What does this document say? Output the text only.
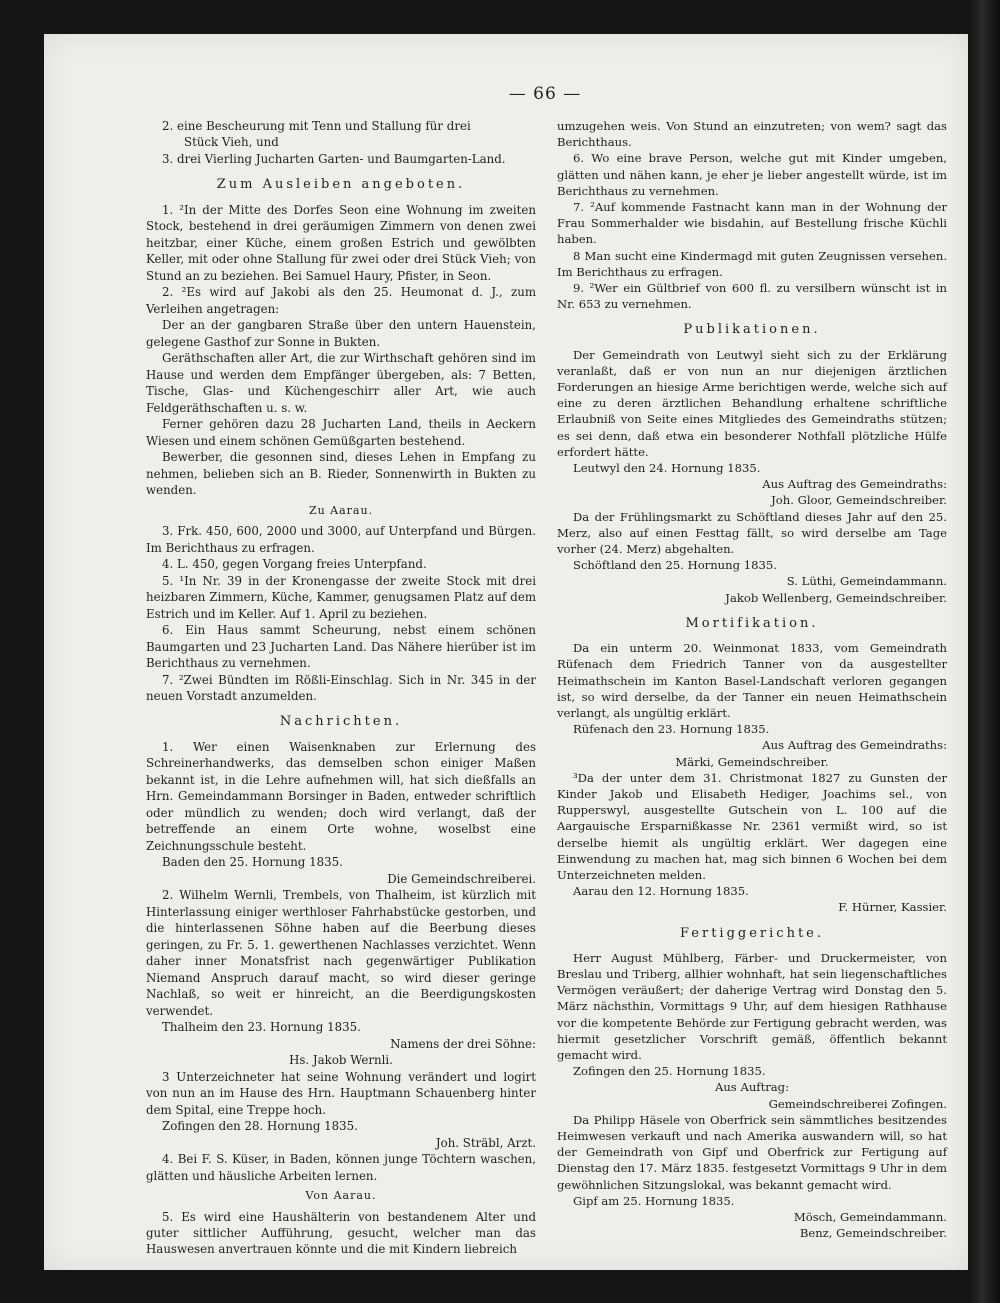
— 66 —

2. eine Bescheurung mit Tenn und Stallung für drei
Stück Vieh, und

3. drei Vierling Jucharten Garten- und Baumgarten-Land.

Zum Ausleiben angeboten.

1. ²In der Mitte des Dorfes Seon eine Wohnung im zweiten Stock, bestehend in drei geräumigen Zimmern von denen zwei heitzbar, einer Küche, einem großen Estrich und gewölbten Keller, mit oder ohne Stallung für zwei oder drei Stück Vieh; von Stund an zu beziehen. Bei Samuel Haury, Pfister, in Seon.

2. ²Es wird auf Jakobi als den 25. Heumonat d. J., zum Verleihen angetragen:

Der an der gangbaren Straße über den untern Hauenstein, gelegene Gasthof zur Sonne in Bukten.

Geräthschaften aller Art, die zur Wirthschaft gehören sind im Hause und werden dem Empfänger übergeben, als: 7 Betten, Tische, Glas- und Küchengeschirr aller Art, wie auch Feldgeräthschaften u. s. w.

Ferner gehören dazu 28 Jucharten Land, theils in Aeckern Wiesen und einem schönen Gemüßgarten bestehend.

Bewerber, die gesonnen sind, dieses Lehen in Empfang zu nehmen, belieben sich an B. Rieder, Sonnenwirth in Bukten zu wenden.

Zu Aarau.

3. Frk. 450, 600, 2000 und 3000, auf Unterpfand und Bürgen. Im Berichthaus zu erfragen.

4. L. 450, gegen Vorgang freies Unterpfand.

5. ¹In Nr. 39 in der Kronengasse der zweite Stock mit drei heizbaren Zimmern, Küche, Kammer, genugsamen Platz auf dem Estrich und im Keller. Auf 1. April zu beziehen.

6. Ein Haus sammt Scheurung, nebst einem schönen Baumgarten und 23 Jucharten Land. Das Nähere hierüber ist im Berichthaus zu vernehmen.

7. ²Zwei Bündten im Rößli-Einschlag. Sich in Nr. 345 in der neuen Vorstadt anzumelden.

Nachrichten.

1. Wer einen Waisenknaben zur Erlernung des Schreinerhandwerks, das demselben schon einiger Maßen bekannt ist, in die Lehre aufnehmen will, hat sich dießfalls an Hrn. Gemeindammann Borsinger in Baden, entweder schriftlich oder mündlich zu wenden; doch wird verlangt, daß der betreffende an einem Orte wohne, woselbst eine Zeichnungsschule besteht.

Baden den 25. Hornung 1835.

Die Gemeindschreiberei.

2. Wilhelm Wernli, Trembels, von Thalheim, ist kürzlich mit Hinterlassung einiger werthloser Fahrhabstücke gestorben, und die hinterlassenen Söhne haben auf die Beerbung dieses geringen, zu Fr. 5. 1. gewerthenen Nachlasses verzichtet. Wenn daher inner Monatsfrist nach gegenwärtiger Publikation Niemand Anspruch darauf macht, so wird dieser geringe Nachlaß, so weit er hinreicht, an die Beerdigungskosten verwendet.

Thalheim den 23. Hornung 1835.

Namens der drei Söhne:

Hs. Jakob Wernli.

3 Unterzeichneter hat seine Wohnung verändert und logirt von nun an im Hause des Hrn. Hauptmann Schauenberg hinter dem Spital, eine Treppe hoch.

Zofingen den 28. Hornung 1835.

Joh. Sträbl, Arzt.

4. Bei F. S. Küser, in Baden, können junge Töchtern waschen, glätten und häusliche Arbeiten lernen.

Von Aarau.

5. Es wird eine Haushälterin von bestandenem Alter und guter sittlicher Aufführung, gesucht, welcher man das Hauswesen anvertrauen könnte und die mit Kindern liebreich

umzugehen weis. Von Stund an einzutreten; von wem? sagt das Berichthaus.

6. Wo eine brave Person, welche gut mit Kinder umgeben, glätten und nähen kann, je eher je lieber angestellt würde, ist im Berichthaus zu vernehmen.

7. ²Auf kommende Fastnacht kann man in der Wohnung der Frau Sommerhalder wie bisdahin, auf Bestellung frische Küchli haben.

8 Man sucht eine Kindermagd mit guten Zeugnissen versehen. Im Berichthaus zu erfragen.

9. ²Wer ein Gültbrief von 600 fl. zu versilbern wünscht ist in Nr. 653 zu vernehmen.

Publikationen.

Der Gemeindrath von Leutwyl sieht sich zu der Erklärung veranlaßt, daß er von nun an nur diejenigen ärztlichen Forderungen an hiesige Arme berichtigen werde, welche sich auf eine zu deren ärztlichen Behandlung erhaltene schriftliche Erlaubniß von Seite eines Mitgliedes des Gemeindraths stützen; es sei denn, daß etwa ein besonderer Nothfall plötzliche Hülfe erfordert hätte.

Leutwyl den 24. Hornung 1835.

Aus Auftrag des Gemeindraths:

Joh. Gloor, Gemeindschreiber.

Da der Frühlingsmarkt zu Schöftland dieses Jahr auf den 25. Merz, also auf einen Festtag fällt, so wird derselbe am Tage vorher (24. Merz) abgehalten.

Schöftland den 25. Hornung 1835.

S. Lüthi, Gemeindammann.

Jakob Wellenberg, Gemeindschreiber.

Mortifikation.

Da ein unterm 20. Weinmonat 1833, vom Gemeindrath Rüfenach dem Friedrich Tanner von da ausgestellter Heimathschein im Kanton Basel-Landschaft verloren gegangen ist, so wird derselbe, da der Tanner ein neuen Heimathschein verlangt, als ungültig erklärt.

Rüfenach den 23. Hornung 1835.

Aus Auftrag des Gemeindraths:

Märki, Gemeindschreiber.

³Da der unter dem 31. Christmonat 1827 zu Gunsten der Kinder Jakob und Elisabeth Hediger, Joachims sel., von Rupperswyl, ausgestellte Gutschein von L. 100 auf die Aargauische Ersparnißkasse Nr. 2361 vermißt wird, so ist derselbe hiemit als ungültig erklärt. Wer dagegen eine Einwendung zu machen hat, mag sich binnen 6 Wochen bei dem Unterzeichneten melden.

Aarau den 12. Hornung 1835.

F. Hürner, Kassier.

Fertiggerichte.

Herr August Mühlberg, Färber- und Druckermeister, von Breslau und Triberg, allhier wohnhaft, hat sein liegenschaftliches Vermögen veräußert; der daherige Vertrag wird Donstag den 5. März nächsthin, Vormittags 9 Uhr, auf dem hiesigen Rathhause vor die kompetente Behörde zur Fertigung gebracht werden, was hiermit gesetzlicher Vorschrift gemäß, öffentlich bekannt gemacht wird.

Zofingen den 25. Hornung 1835.

Aus Auftrag:

Gemeindschreiberei Zofingen.

Da Philipp Häsele von Oberfrick sein sämmtliches besitzendes Heimwesen verkauft und nach Amerika auswandern will, so hat der Gemeindrath von Gipf und Oberfrick zur Fertigung auf Dienstag den 17. März 1835. festgesetzt Vormittags 9 Uhr in dem gewöhnlichen Sitzungslokal, was bekannt gemacht wird.

Gipf am 25. Hornung 1835.

Mösch, Gemeindammann.

Benz, Gemeindschreiber.
